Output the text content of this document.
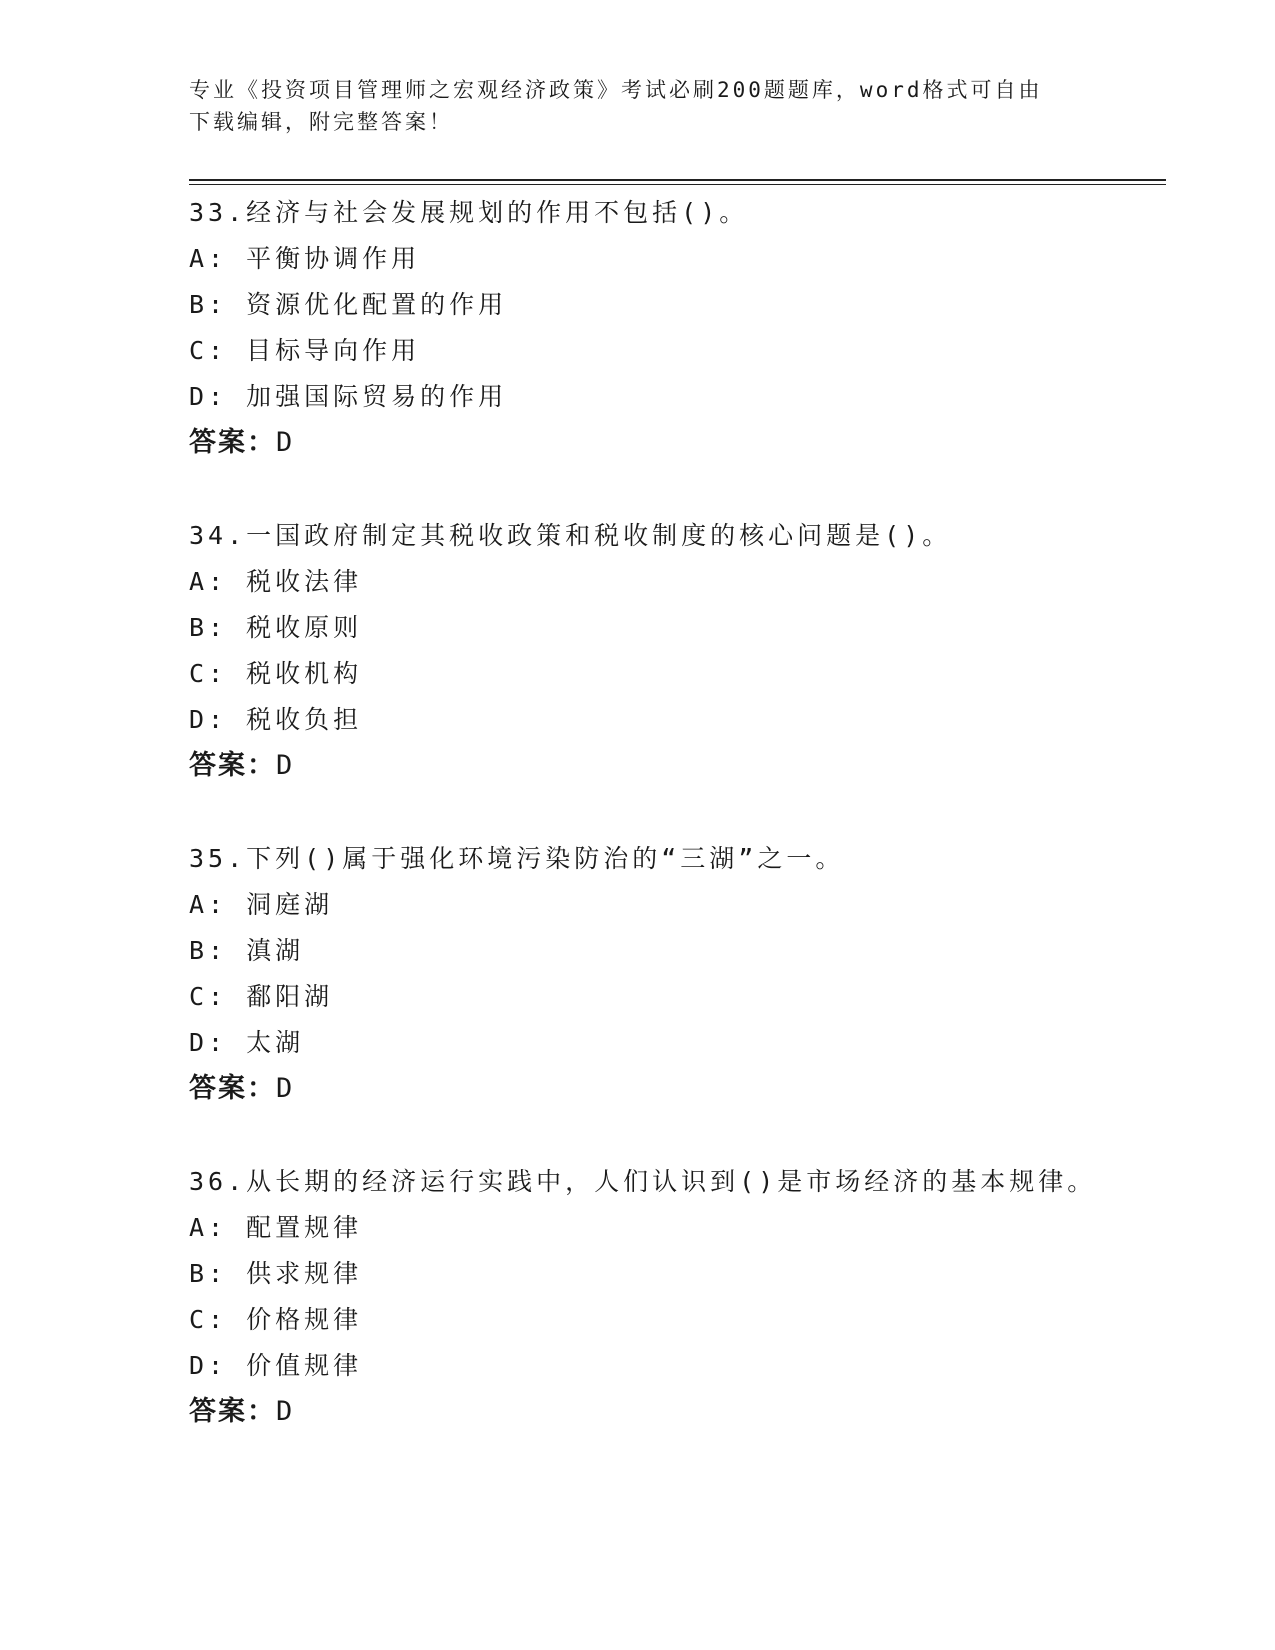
专业《投资项目管理师之宏观经济政策》考试必刷200题题库，word格式可自由
下载编辑，附完整答案！
33.经济与社会发展规划的作用不包括()。
A: 平衡协调作用
B: 资源优化配置的作用
C: 目标导向作用
D: 加强国际贸易的作用
答案：D
34.一国政府制定其税收政策和税收制度的核心问题是()。
A: 税收法律
B: 税收原则
C: 税收机构
D: 税收负担
答案：D
35.下列()属于强化环境污染防治的“三湖”之一。
A: 洞庭湖
B: 滇湖
C: 鄱阳湖
D: 太湖
答案：D
36.从长期的经济运行实践中，人们认识到()是市场经济的基本规律。
A: 配置规律
B: 供求规律
C: 价格规律
D: 价值规律
答案：D
